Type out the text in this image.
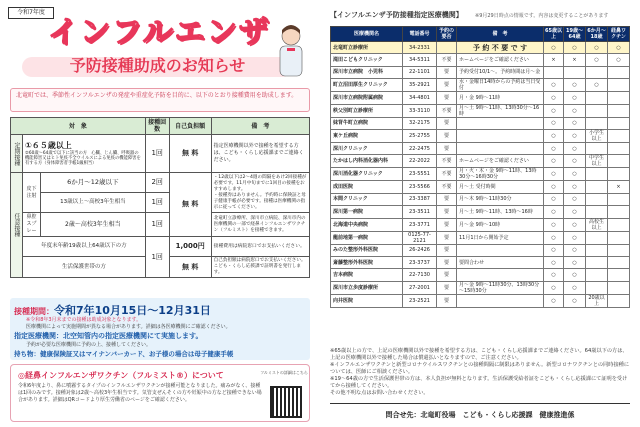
令和7年度
インフルエンザ
予防接種助成のお知らせ
北竜町では、季節性インフルエンザの発症や重症化予防を目的に、以下のとおり接種費用を助成します。
対　象			接種回数	自己負担額	備　考
定期接種	①６５歳以上
②60歳～64歳で以下に該当の方　心臓、じん臓、呼吸器の機能障害又はヒト免疫不全ウイルスによる免疫の機能障害を有する方（身体障害者手帳1級相当）		1回	無 料	指定医療機関以外で接種を希望する方は、こども・くらし応援課までご連絡ください。
任意接種	皮下注射	6か月～12歳以下	2回	無 料	・12歳以下は2～4週の間隔をあけ2回接種が必要です。11月中旬までに1回目の接種をおすすめします。
・接種券はありません。予約時に保険証と母子健康手帳が必要です。接種は医療機関の指示に従ってください。

		13歳以上～高校3年生相当	1回		
	鼻腔スプレー	2歳～高校3年生相当	1回		北竜町立診療所、深川市立病院、深川市内の医療機関の一部で経鼻インフルエンザワクチン（フルミスト）を接種できます。
	年度末年齢19歳以上64歳以下の方		1回	1,000円	接種費用は病院窓口でお支払いください。
	生活保護世帯の方			無 料	自己負担額は病院窓口でお支払いください。こども・くらし応援課で証明書を発行します。
接種期間：令和7年10月15日～12月31日
※令和8年3月末までの接種は助成対象となります。
医療機関によって実施期間が異なる場合があります。詳細は各医療機関にご確認ください。
指定医療機関：北空知管内の指定医療機関にて実施します。
予約が必要な医療機関に予約の上、接種してください。
持ち物：健康保険証又はマイナンバーカード、お子様の場合は母子健康手帳
◎経鼻インフルエンザワクチン（フルミスト®）について
令和6年度より、鼻に噴霧するタイプのインフルエンザワクチンが接種可能となりました。痛みがなく、接種は1回のみです。接種対象は2歳～高校3年生相当です。気管支ぜんそくの方や妊娠中の方など接種できない場合があります。詳細はQRコードより厚生労働省のページをご確認ください。
フルミストの詳細はこちら
【インフルエンザ予防接種指定医療機関】 ※9月29日時点の情報です。内容は変更することがあります
医療機関名	電話番号	予約の要否	備　考	65歳以上	19歳～64歳	6か月～18歳	経鼻ワクチン
北竜町立診療所	34-2331		予 約 不 要 で す	○	○	○	○
滝田こどもクリニック	34-5311	不要	ホームページをご確認ください	×	×	○	○
深川市立病院　小児科	22-1101	要	予約受付10/1～。予約時間は月～金				
町立沼田厚生クリニック	35-2921	要	水・金曜日14時からの予約は当日受付	○	○	○	
深川市立病院附属病院	34-4801	要	月・金 9時～11時	○	○		
秩父別町立診療所	33-3110	不要	月～土 9時～11時、13時30分～16時	○	○		
妹背牛町立病院	32-2175	要		○	○		
東ケ丘病院	25-2755	要		○	○	小学生以上	
深川クリニック	22-2475	要		○	○		
たかはし内科消化器内科	22-2022	不要	ホームページをご確認ください	○	○	中学生以上	
深川消化器クリニック	23-5551	不要	月・火・木・金 9時～11時、13時30分～16時30分	○	○		
成田医院	23-5566	不要	月～土 受付時間	○	○		×
本間クリニック	23-3387	要	月～木 9時～11時30分	○	○		
深川第一病院	23-3511	要	月～土 9時～11時、13時～16時	○	○		
北海道中央病院	23-3771	要	月～金 9時～10時	○	○	高校生以上	
龍前地第一病院	0125-77-2121	要	11月1日から開始予定	○	○		
みのた整形外科医院	26-2426	要		○	○		
斎藤整形外科医院	23-3737	要	要問合わせ	○	○		
吉本病院	22-7130	要		○	○		
深川市立歩度診療所	27-2001	要	月～金 9時～11時30分、13時30分～15時30分	○	○		
向井医院	23-2521	要		○	○	20歳以上	
※65歳以上の方で、上記の医療機関以外で接種を希望する方は、こども・くらし応援課までご連絡ください。64歳以下の方は、上記の医療機関以外で接種した場合は償還払いとなりますので、ご注意ください。
※インフルエンザワクチンと新型コロナウイルスワクチンとの接種間隔に制限はありません。新型コロナワクチンとの同時接種については、医師にご相談ください。
※19～64歳の方で生活保護世帯の方は、本人負担が無料となります。生活保護受給者証をこども・くらし応援課にて証明を受けてから接種してください。
その他不明な点はお問い合わせください。
問合せ先：北竜町役場　こども・くらし応援課　健康推進係
